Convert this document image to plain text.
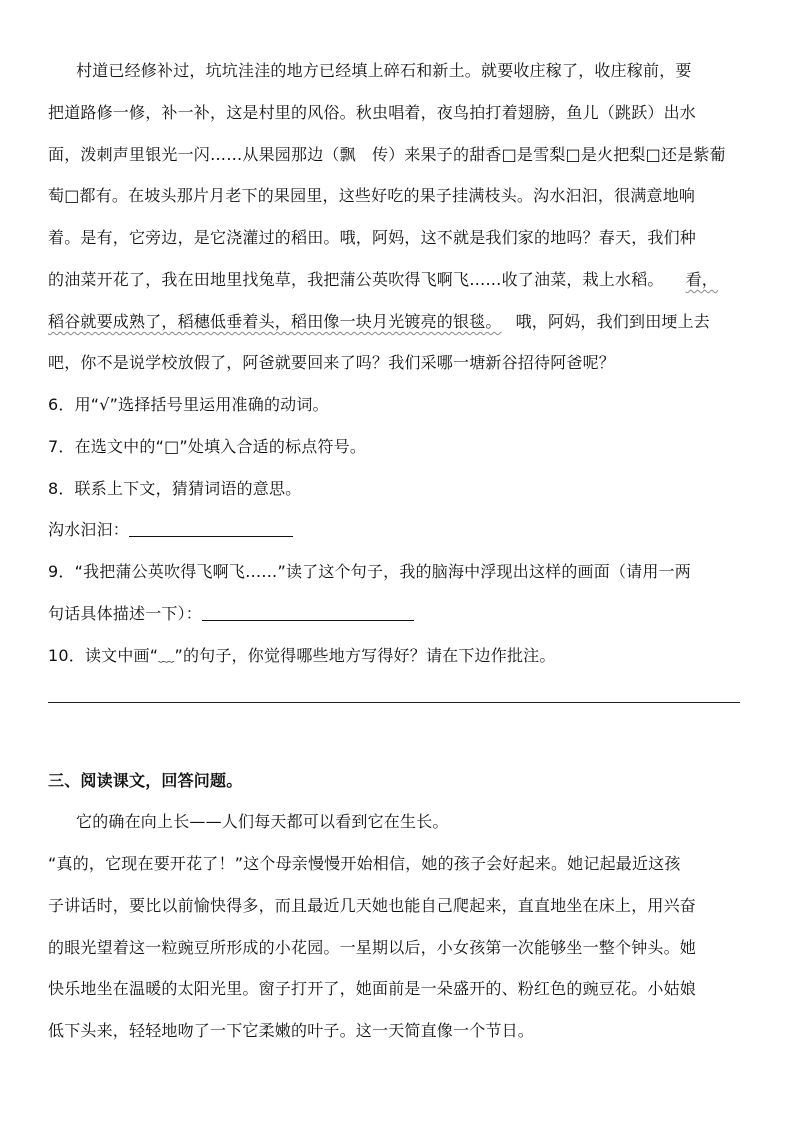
村道已经修补过，坑坑洼洼的地方已经填上碎石和新土。就要收庄稼了，收庄稼前，要
把道路修一修，补一补，这是村里的风俗。秋虫唱着，夜鸟拍打着翅膀，鱼儿（跳跃）出水
面，泼刺声里银光一闪……从果园那边（飘　传）来果子的甜香□是雪梨□是火把梨□还是紫葡
萄□都有。在坡头那片月老下的果园里，这些好吃的果子挂满枝头。沟水汩汩，很满意地响
着。是有，它旁边，是它浇灌过的稻田。哦，阿妈，这不就是我们家的地吗？春天，我们种
的油菜开花了，我在田地里找兔草，我把蒲公英吹得飞啊飞……收了油菜，栽上水稻。 看，
稻谷就要成熟了，稻穗低垂着头，稻田像一块月光镀亮的银毯。 哦，阿妈，我们到田埂上去
吧，你不是说学校放假了，阿爸就要回来了吗？我们采哪一塘新谷招待阿爸呢？
6．用“√”选择括号里运用准确的动词。
7．在选文中的“□”处填入合适的标点符号。
8．联系上下文，猜猜词语的意思。
沟水汩汩：
9．“我把蒲公英吹得飞啊飞……”读了这个句子，我的脑海中浮现出这样的画面（请用一两
句话具体描述一下）：
10．读文中画“﹏”的句子，你觉得哪些地方写得好？请在下边作批注。
三、阅读课文，回答问题。
它的确在向上长——人们每天都可以看到它在生长。
“真的，它现在要开花了！”这个母亲慢慢开始相信，她的孩子会好起来。她记起最近这孩
子讲话时，要比以前愉快得多，而且最近几天她也能自己爬起来，直直地坐在床上，用兴奋
的眼光望着这一粒豌豆所形成的小花园。一星期以后，小女孩第一次能够坐一整个钟头。她
快乐地坐在温暖的太阳光里。窗子打开了，她面前是一朵盛开的、粉红色的豌豆花。小姑娘
低下头来，轻轻地吻了一下它柔嫩的叶子。这一天简直像一个节日。
